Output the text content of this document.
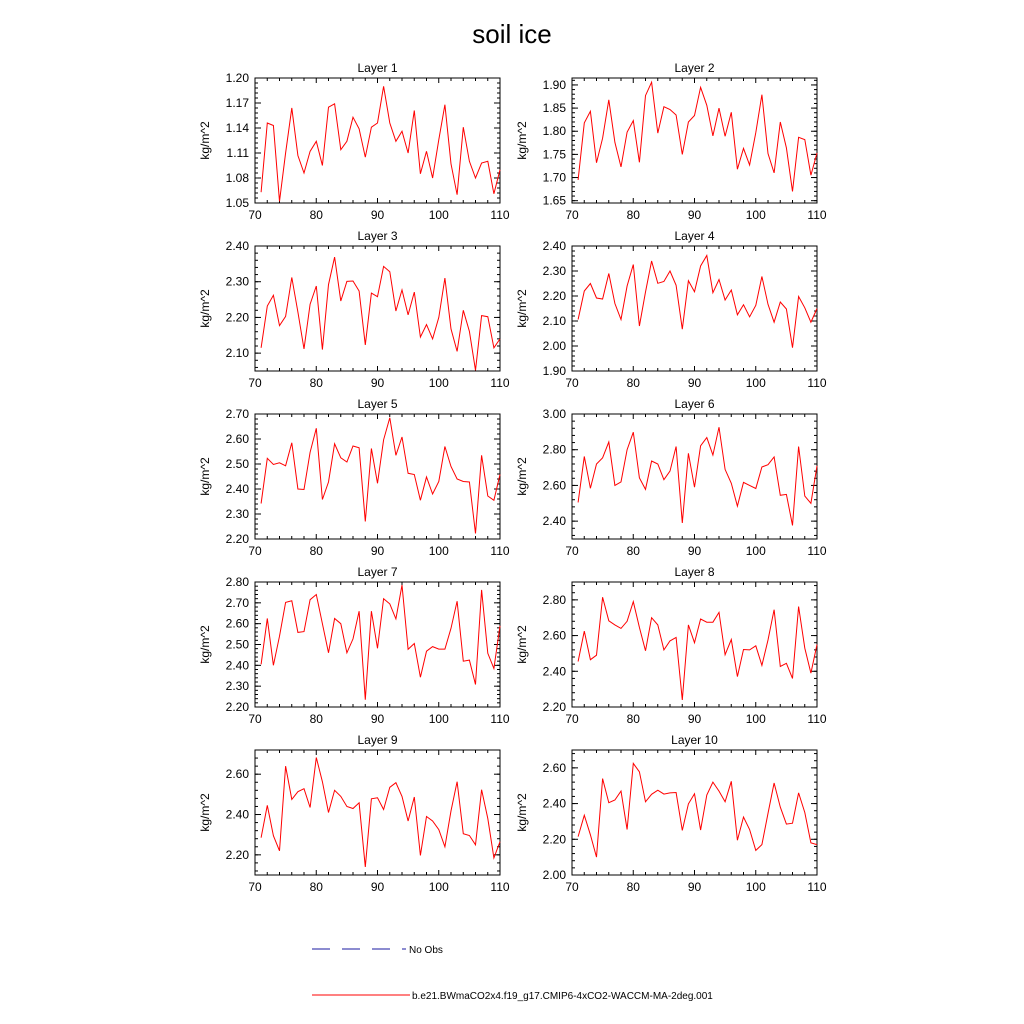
soil ice
Layer 1
kg/m^2
70	80	90	100	110
1.05
1.08
1.11
1.14
1.17
1.20
Layer 2
kg/m^2
70	80	90	100	110
1.65
1.70
1.75
1.80
1.85
1.90
Layer 3
kg/m^2
70	80	90	100	110
2.10
2.20
2.30
2.40
Layer 4
kg/m^2
70	80	90	100	110
1.90
2.00
2.10
2.20
2.30
2.40
Layer 5
kg/m^2
70	80	90	100	110
2.20
2.30
2.40
2.50
2.60
2.70
Layer 6
kg/m^2
70	80	90	100	110
2.40
2.60
2.80
3.00
Layer 7
kg/m^2
70	80	90	100	110
2.20
2.30
2.40
2.50
2.60
2.70
2.80
Layer 8
kg/m^2
70	80	90	100	110
2.20
2.40
2.60
2.80
Layer 9
kg/m^2
70	80	90	100	110
2.20
2.40
2.60
Layer 10
kg/m^2
70	80	90	100	110
2.00
2.20
2.40
2.60
No Obs
b.e21.BWmaCO2x4.f19_g17.CMIP6-4xCO2-WACCM-MA-2deg.001
